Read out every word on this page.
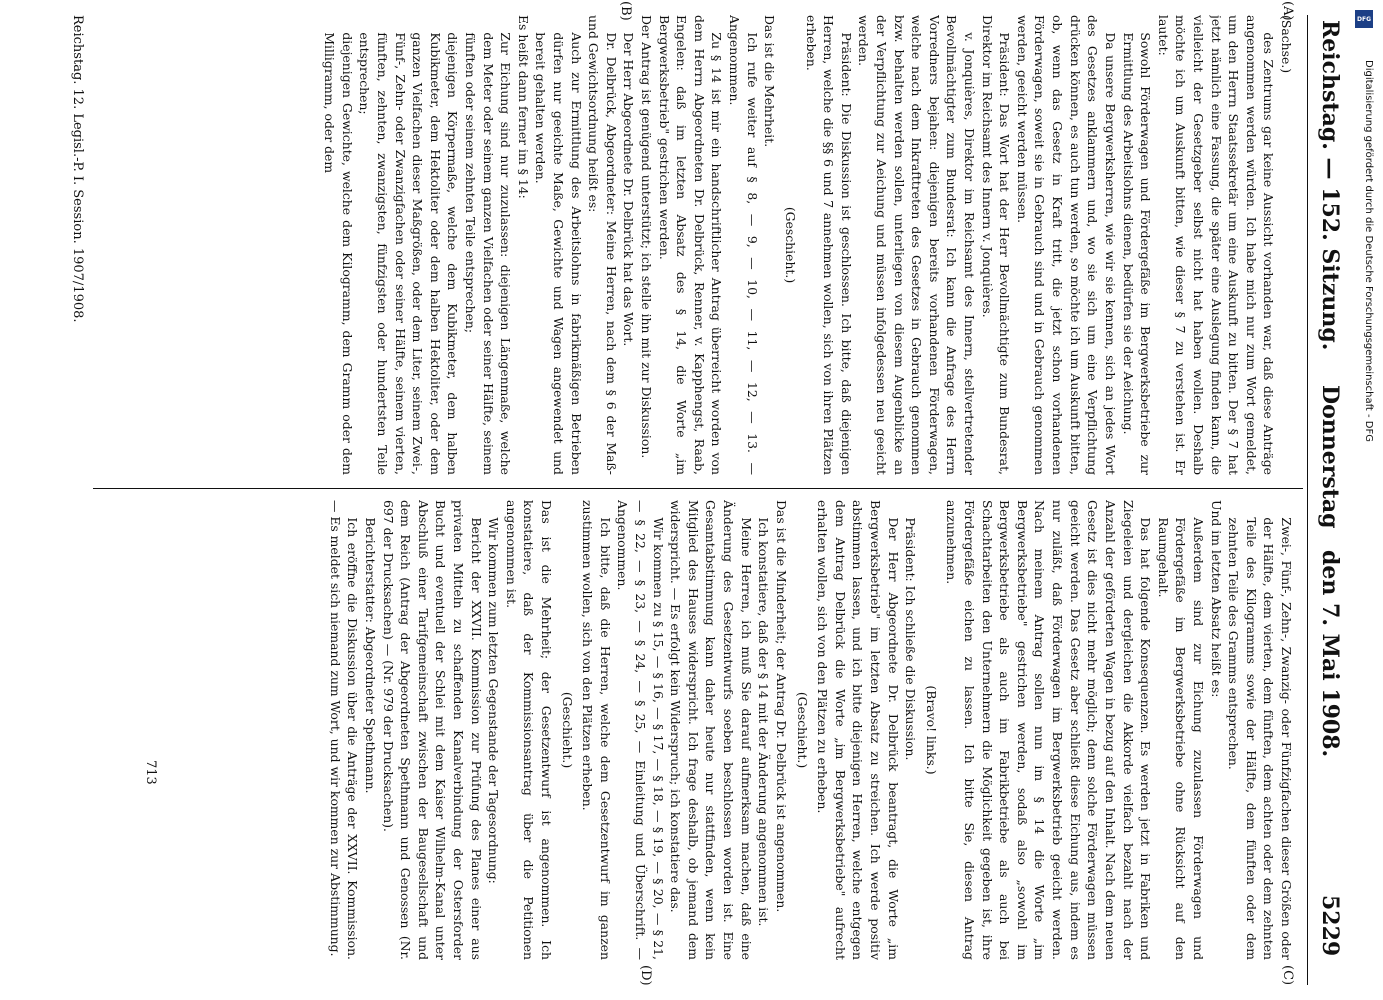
Reichstag. — 152. Sitzung.
Donnerstag
den 7. Mai 1908.
5229
(A)
(B)
(C)
(D)

(Sachse.)

des Zentrums gar keine Aussicht vorhanden war, daß diese Anträge angenommen werden würden. Ich habe mich nur zum Wort gemeldet, um den Herrn Staatssekretär um eine Auskunft zu bitten. Der § 7 hat jetzt nämlich eine Fassung, die später eine Auslegung finden kann, die vielleicht der Gesetzgeber selbst nicht hat haben wollen. Deshalb möchte ich um Auskunft bitten, wie dieser § 7 zu verstehen ist. Er lautet:

Sowohl Förderwagen und Fördergefäße im Bergwerksbetriebe zur Ermittlung des Arbeitslohns dienen, bedürfen sie der Aeichung.

Da unsere Bergwerksherren, wie wir sie kennen, sich an jedes Wort des Gesetzes anklammern und, wo sie sich um eine Verpflichtung drücken können, es auch tun werden, so möchte ich um Auskunft bitten, ob, wenn das Gesetz in Kraft tritt, die jetzt schon vorhandenen Förderwagen, soweit sie in Gebrauch sind und in Gebrauch genommen werden, geeicht werden müssen.

Präsident: Das Wort hat der Herr Bevollmächtigte zum Bundesrat, Direktor im Reichsamt des Innern v. Jonquières.

v. Jonquières, Direktor im Reichsamt des Innern, stellvertretender Bevollmächtigter zum Bundesrat: Ich kann die Anfrage des Herrn Vorredners bejahen: diejenigen bereits vorhandenen Förderwagen, welche nach dem Inkrafttreten des Gesetzes in Gebrauch genommen bzw. behalten werden sollen, unterliegen von diesem Augenblicke an der Verpflichtung zur Aeichung und müssen infolgedessen neu geeicht werden.

Präsident: Die Diskussion ist geschlossen. Ich bitte, daß diejenigen Herren, welche die §§ 6 und 7 annehmen wollen, sich von ihren Plätzen erheben.

(Geschieht.)

Das ist die Mehrheit.

Ich rufe weiter auf § 8, — 9, — 10, — 11, — 12, — 13. — Angenommen.

Zu § 14 ist mir ein handschriftlicher Antrag überreicht worden von dem Herrn Abgeordneten Dr. Delbrück, Renner, v. Kapphengst, Raab, Engelen: daß im letzten Absatz des § 14, die Worte „im Bergwerksbetrieb" gestrichen werden.

Der Antrag ist genügend unterstützt; ich stelle ihn mit zur Diskussion.

Der Herr Abgeordnete Dr. Delbrück hat das Wort.

Dr. Delbrück, Abgeordneter: Meine Herren, nach dem § 6 der Maß- und Gewichtsordnung heißt es:

Auch zur Ermittlung des Arbeitslohns in fabrikmäßigen Betrieben dürfen nur geeichte Maße, Gewichte und Wagen angewendet und bereit gehalten werden.

Es heißt dann ferner im § 14:

Zur Eichung sind nur zuzulassen: diejenigen Längenmaße, welche dem Meter oder seinem ganzen Vielfachen oder seiner Hälfte, seinem fünften oder seinem zehnten Teile entsprechen;

diejenigen Körpermaße, welche dem Kubikmeter, dem halben Kubikmeter, dem Hektoliter oder dem halben Hektoliter, oder dem ganzen Vielfachen dieser Maßgrößen, oder dem Liter, seinem Zwei-, Fünf-, Zehn- oder Zwanzigfachen oder seiner Hälfte, seinem vierten, fünften, zehnten, zwanzigsten, fünfzigsten oder hundertsten Teile entsprechen;

diejenigen Gewichte, welche dem Kilogramm, dem Gramm oder dem Milligramm, oder dem

Zwei-, Fünf-, Zehn-, Zwanzig- oder Fünfzigfachen dieser Größen oder der Hälfte, dem vierten, dem fünften, dem achten oder dem zehnten Teile des Kilogramms sowie der Hälfte, dem fünften oder dem zehnten Teile des Gramms entsprechen.

Und im letzten Absatz heißt es:

Außerdem sind zur Eichung zuzulassen Förderwagen und Fördergefäße im Bergwerksbetriebe ohne Rücksicht auf den Raumgehalt.

Das hat folgende Konsequenzen. Es werden jetzt in Fabriken und Ziegeleien und dergleichen die Akkorde vielfach bezahlt nach der Anzahl der geförderten Wagen in bezug auf den Inhalt. Nach dem neuen Gesetz ist dies nicht mehr möglich; denn solche Förderwagen müssen geeicht werden. Das Gesetz aber schließt diese Eichung aus, indem es nur zuläßt, daß Förderwagen im Bergwerksbetrieb geeicht werden. Nach meinem Antrag sollen nun im § 14 die Worte „im Bergwerksbetriebe" gestrichen werden, sodaß also „sowohl im Bergwerksbetriebe als auch im Fabrikbetriebe als auch bei Schachtarbeiten den Unternehmern die Möglichkeit gegeben ist, ihre Fördergefäße eichen zu lassen. Ich bitte Sie, diesen Antrag anzunehmen.

(Bravo! links.)

Präsident: Ich schließe die Diskussion.

Der Herr Abgeordnete Dr. Delbrück beantragt, die Worte „im Bergwerksbetrieb" im letzten Absatz zu streichen. Ich werde positiv abstimmen lassen, und ich bitte diejenigen Herren, welche entgegen dem Antrag Delbrück die Worte „im Bergwerksbetriebe" aufrecht erhalten wollen, sich von den Plätzen zu erheben.

(Geschieht.)

Das ist die Minderheit; der Antrag Dr. Delbrück ist angenommen.

Ich konstatiere, daß der § 14 mit der Änderung angenommen ist.

Meine Herren, ich muß Sie darauf aufmerksam machen, daß eine Änderung des Gesetzentwurfs soeben beschlossen worden ist. Eine Gesamtabstimmung kann daher heute nur stattfinden, wenn kein Mitglied des Hauses widerspricht. Ich frage deshalb, ob jemand dem widerspricht. — Es erfolgt kein Widerspruch; ich konstatiere das.

Wir kommen zu § 15, — § 16, — § 17, — § 18, — § 19, — § 20, — § 21, — § 22, — § 23, — § 24, — § 25, — Einleitung und Überschrift. — Angenommen.

Ich bitte, daß die Herren, welche dem Gesetzentwurf im ganzen zustimmen wollen, sich von den Plätzen erheben.

(Geschieht.)

Das ist die Mehrheit; der Gesetzentwurf ist angenommen. Ich konstatiere, daß der Kommissionsantrag über die Petitionen angenommen ist.

Wir kommen zum letzten Gegenstande der Tagesordnung:

Bericht der XXVII. Kommission zur Prüfung des Planes einer aus privaten Mitteln zu schaffenden Kanalverbindung der Ostersforder Bucht und eventuell der Schlei mit dem Kaiser Wilhelm-Kanal unter Abschluß einer Tarifgemeinschaft zwischen der Baugesellschaft und dem Reich (Antrag der Abgeordneten Spethmann und Genossen (Nr. 697 der Drucksachen) — (Nr. 979 der Drucksachen).

Berichterstatter: Abgeordneter Spethmann.

Ich eröffne die Diskussion über die Anträge der XXVII. Kommission. — Es meldet sich niemand zum Wort, und wir kommen zur Abstimmung.

Reichstag. 12. Legisl.-P. I. Session. 1907/1908.
713
DFG
Digitalisierung gefördert durch die Deutsche Forschungsgemeinschaft - DFG
